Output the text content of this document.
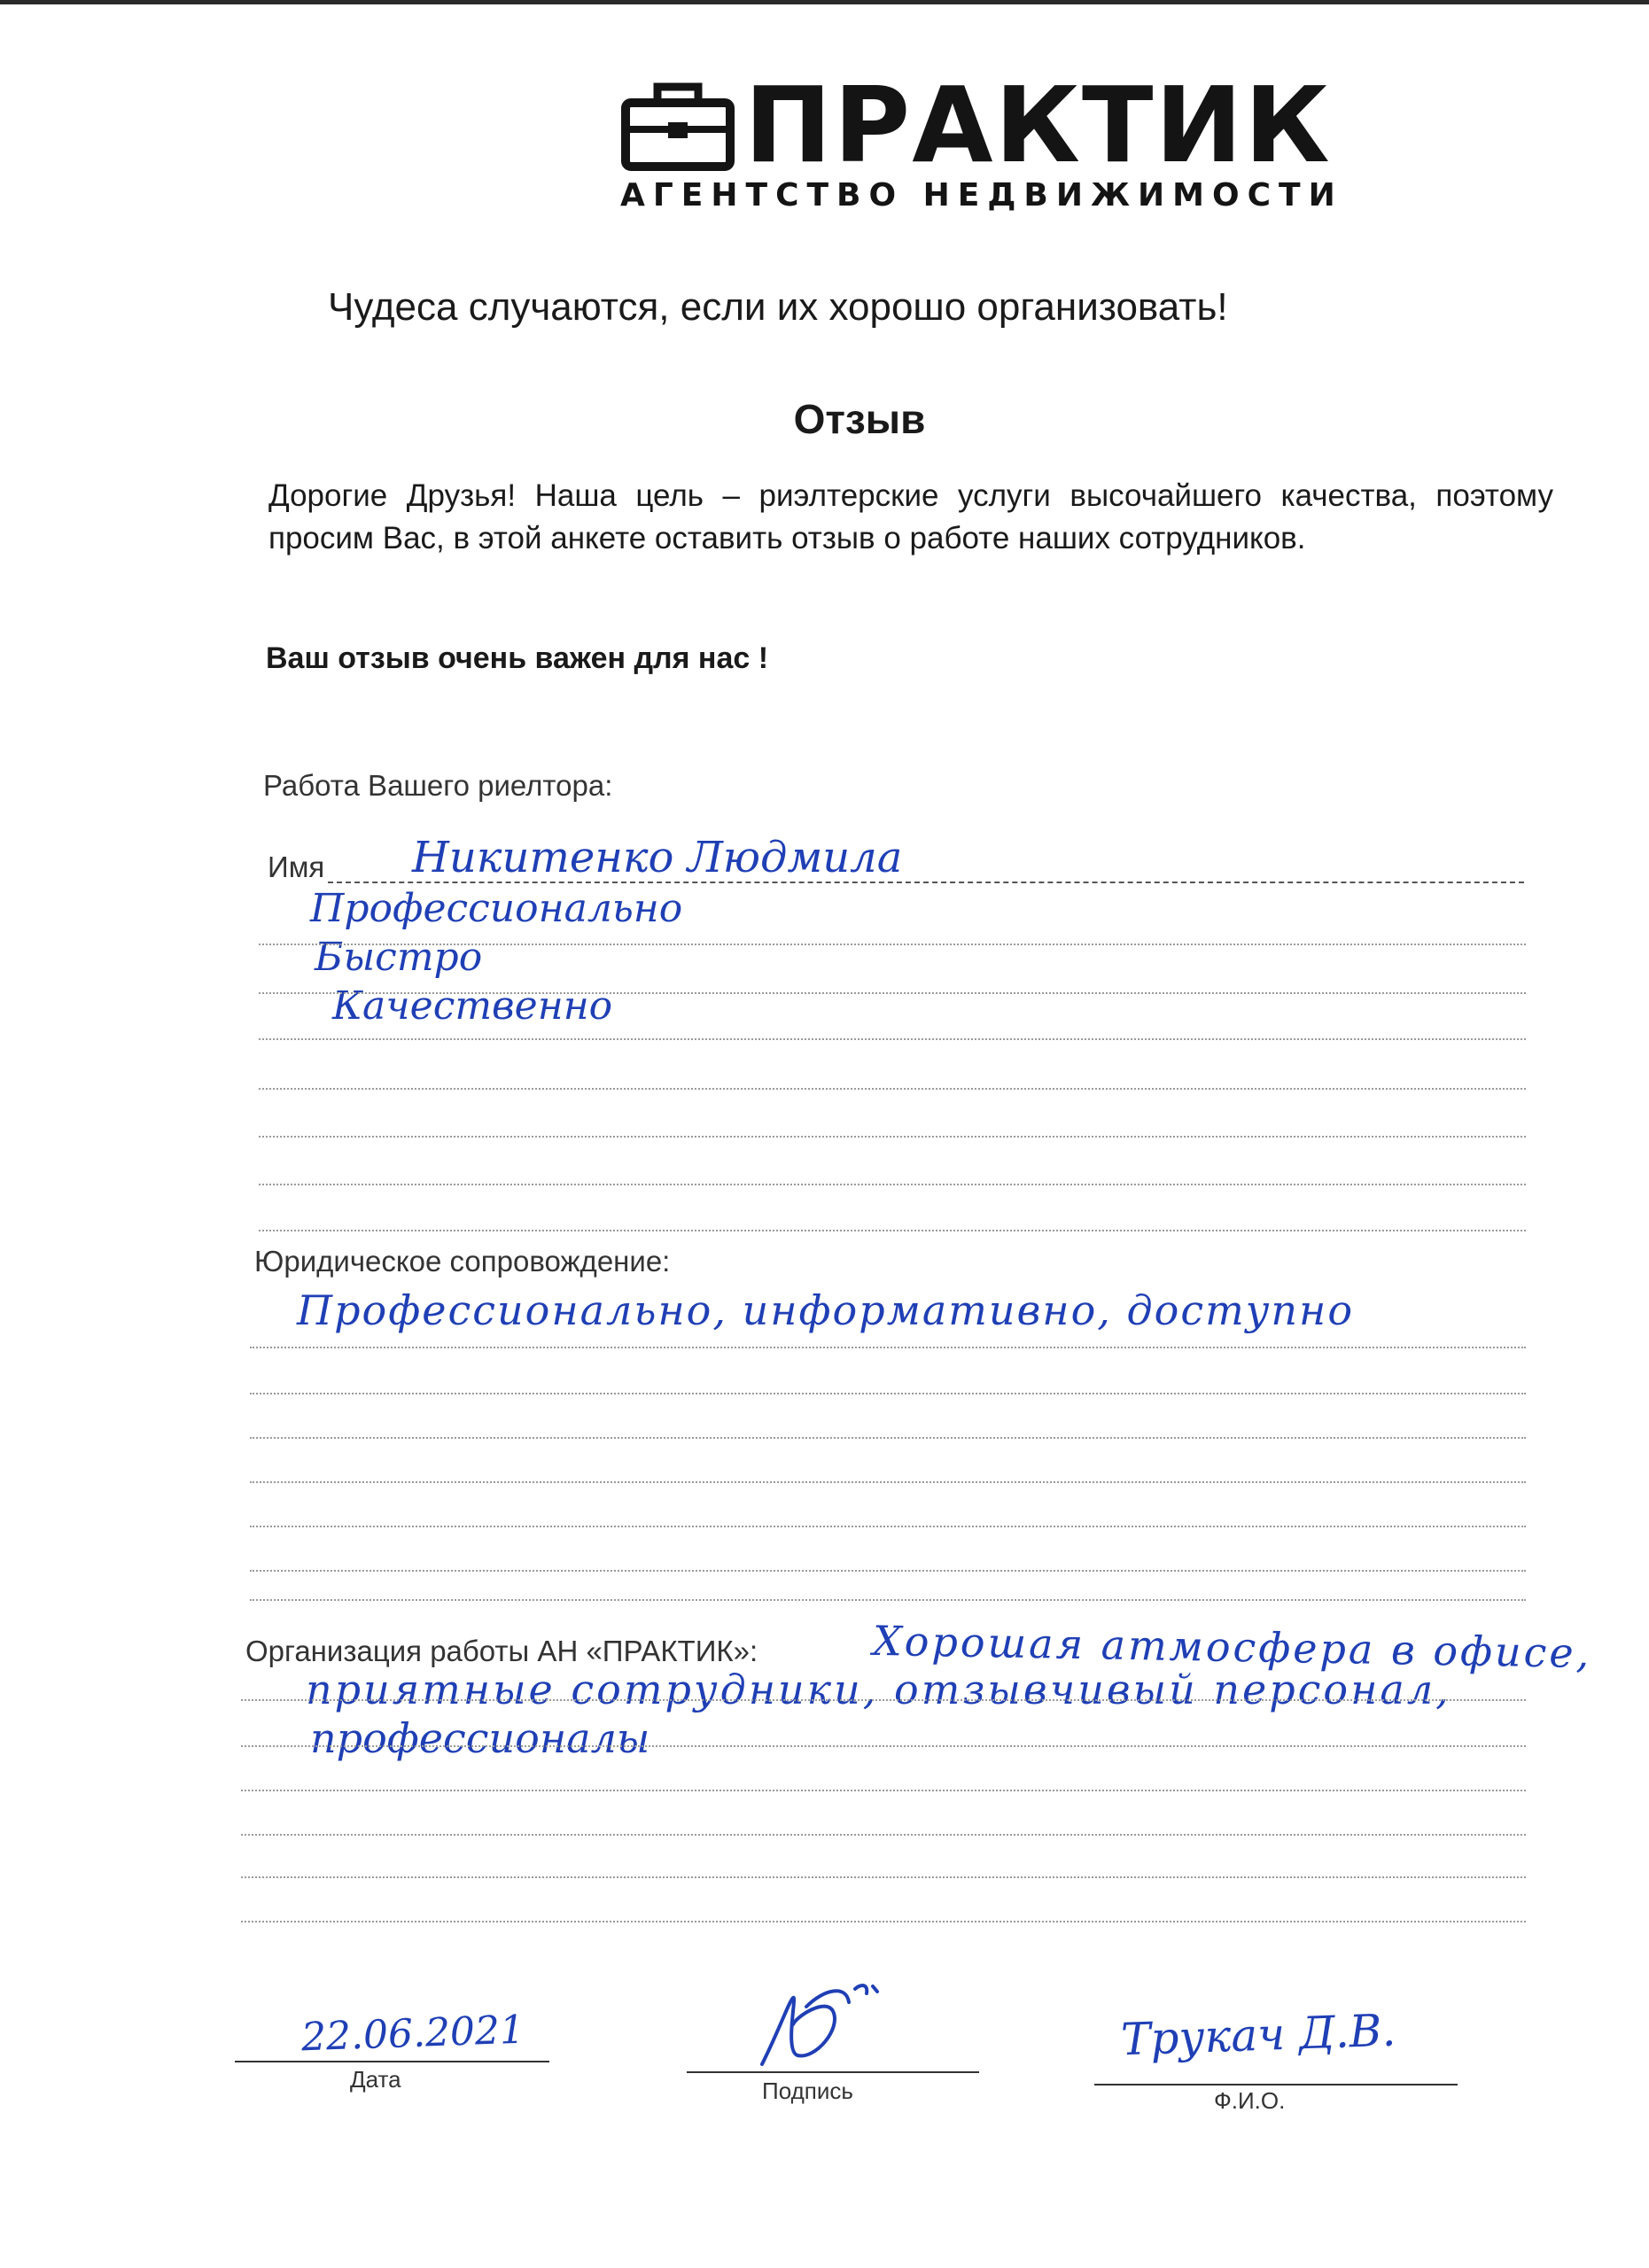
ПРАКТИК
АГЕНТСТВО НЕДВИЖИМОСТИ
Чудеса случаются, если их хорошо организовать!
Отзыв
Дорогие Друзья! Наша цель – риэлтерские услуги высочайшего качества, поэтому просим Вас, в этой анкете оставить отзыв о работе наших сотрудников.
Ваш отзыв очень важен для нас !
Работа Вашего риелтора:
Имя Никитенко Людмила
Профессионально
Быстро
Качественно
Юридическое сопровождение:
Профессионально, информативно, доступно
Организация работы АН «ПРАКТИК»:	Хорошая атмосфера в офисе,
приятные сотрудники, отзывчивый персонал,
профессионалы
22.06.2021
Дата	Подпись
Трукач Д.В.
Ф.И.О.
